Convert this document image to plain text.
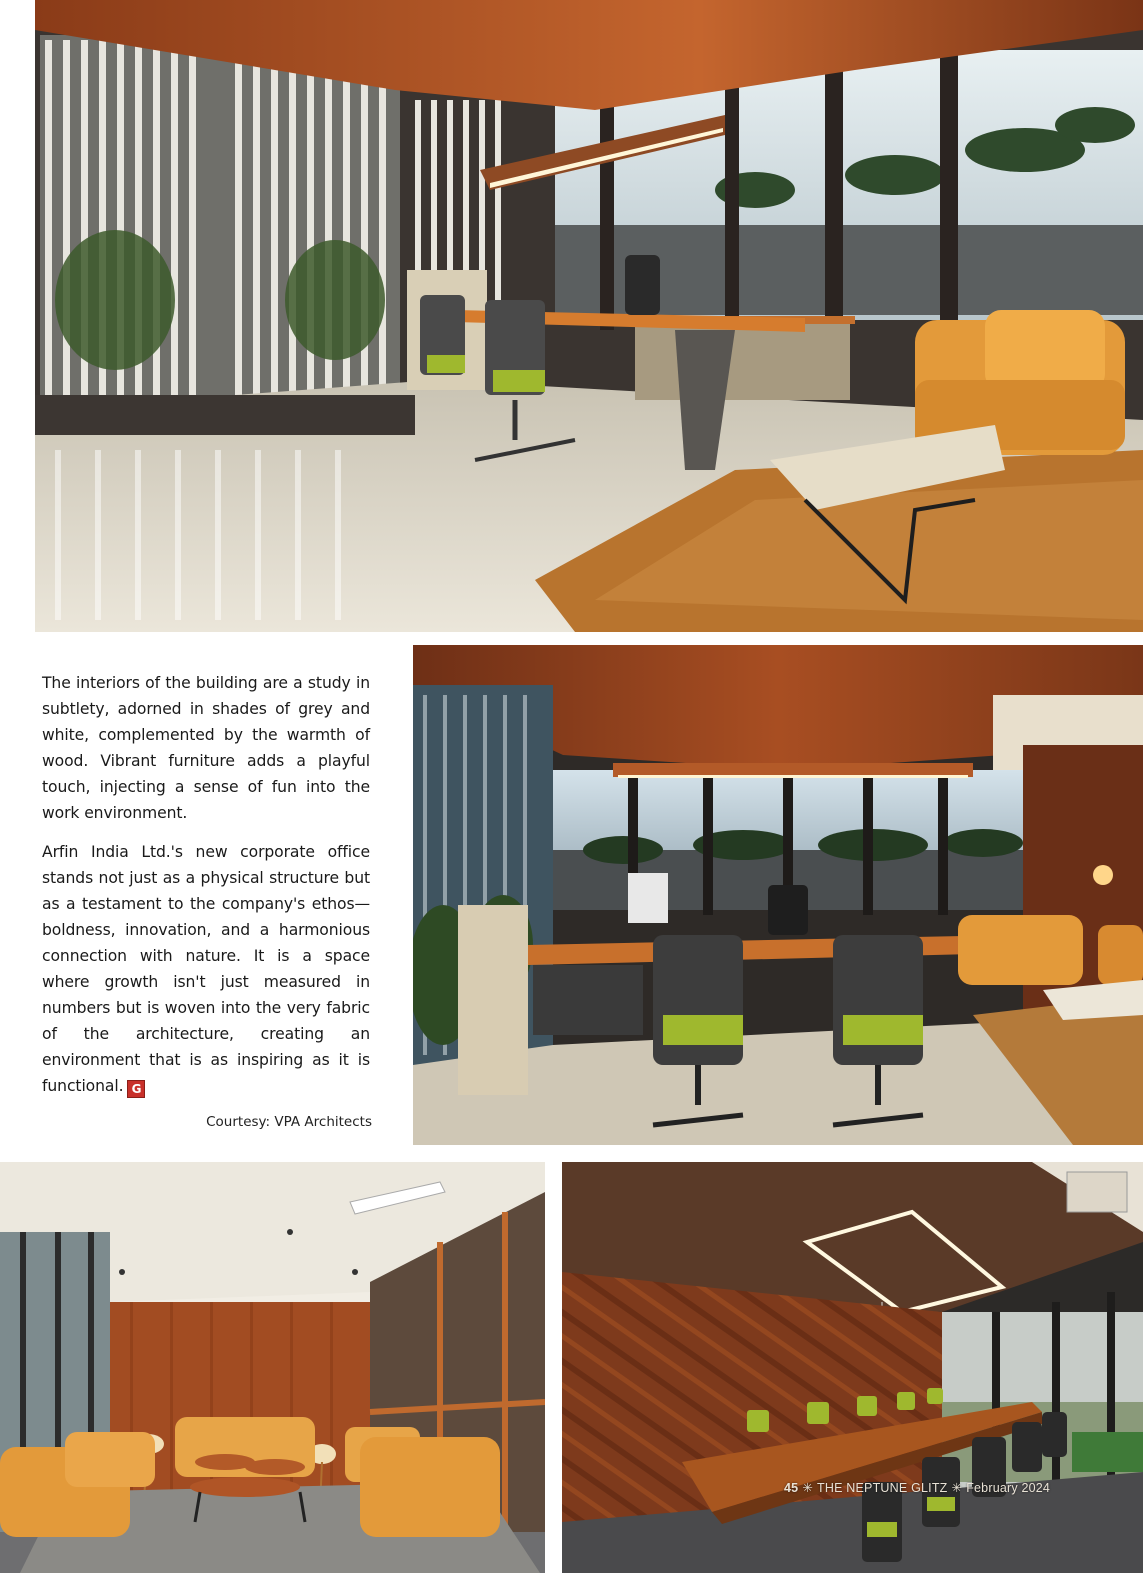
The interiors of the building are a study in subtlety, adorned in shades of grey and white, complemented by the warmth of wood. Vibrant furniture adds a playful touch, injecting a sense of fun into the work environment.

Arfin India Ltd.'s new corporate office stands not just as a physical structure but as a testament to the company's ethos—boldness, innovation, and a harmonious connection with nature. It is a space where growth isn't just measured in numbers but is woven into the very fabric of the architecture, creating an environment that is as inspiring as it is functional. G

Courtesy: VPA Architects
45 ✳ THE NEPTUNE GLITZ ✳ February 2024
